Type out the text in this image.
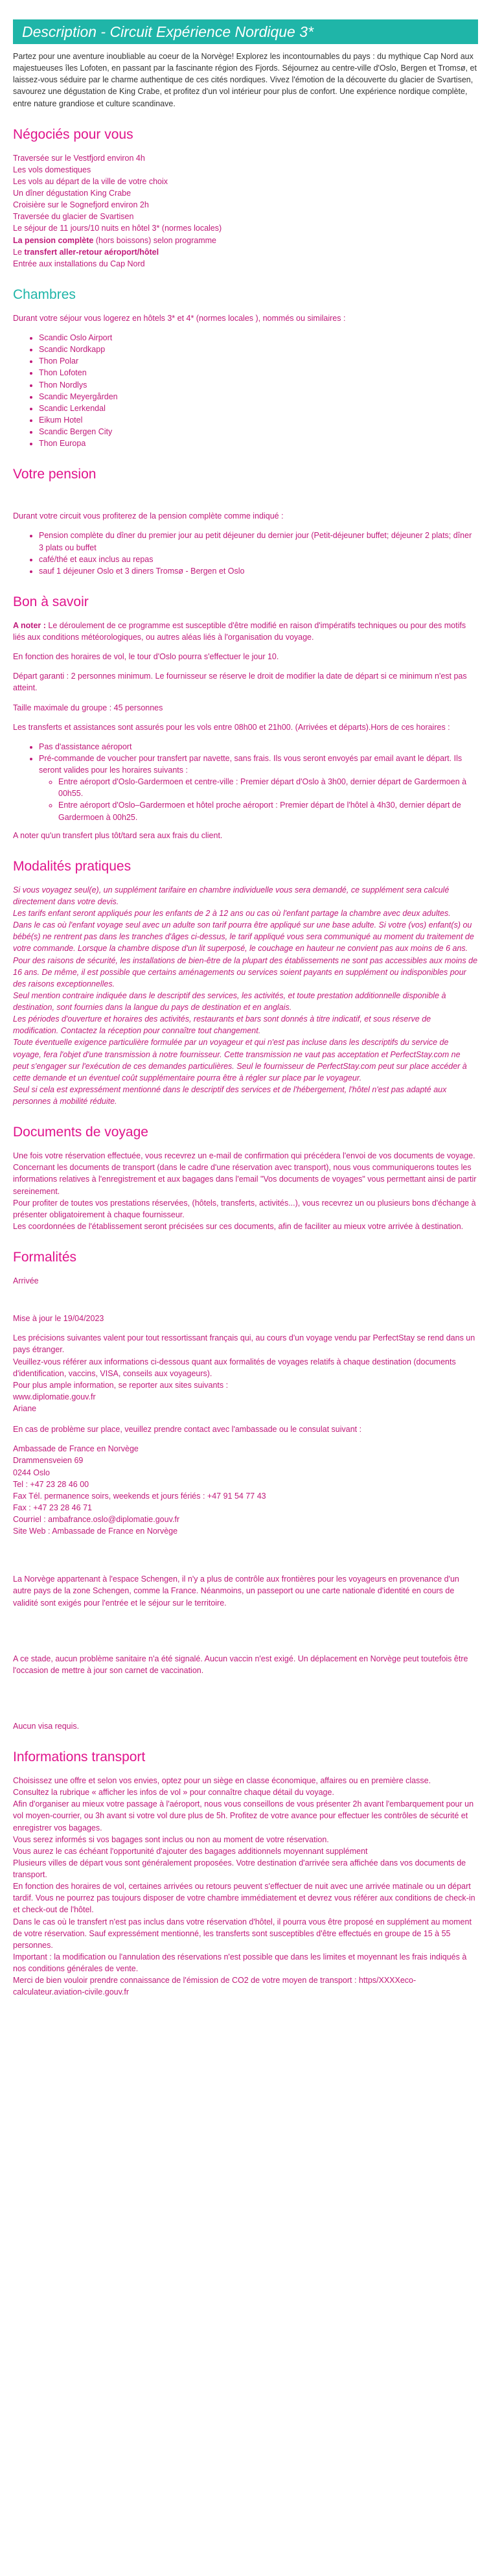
Description - Circuit Expérience Nordique 3*

Partez pour une aventure inoubliable au coeur de la Norvège! Explorez les incontournables du pays : du mythique Cap Nord aux majestueuses îles Lofoten, en passant par la fascinante région des Fjords. Séjournez au centre-ville d'Oslo, Bergen et Tromsø, et laissez-vous séduire par le charme authentique de ces cités nordiques. Vivez l'émotion de la découverte du glacier de Svartisen, savourez une dégustation de King Crabe, et profitez d'un vol intérieur pour plus de confort. Une expérience nordique complète, entre nature grandiose et culture scandinave.

Négociés pour vous
Traversée sur le Vestfjord environ 4h
Les vols domestiques
Les vols au départ de la ville de votre choix
Un dîner dégustation King Crabe
Croisière sur le Sognefjord environ 2h
Traversée du glacier de Svartisen
Le séjour de 11 jours/10 nuits en hôtel 3* (normes locales)
La pension complète (hors boissons) selon programme
Le transfert aller-retour aéroport/hôtel
Entrée aux installations du Cap Nord
Chambres

Durant votre séjour vous logerez en hôtels 3* et 4* (normes locales ), nommés ou similaires :

• Scandic Oslo Airport
• Scandic Nordkapp
• Thon Polar
• Thon Lofoten
• Thon Nordlys
• Scandic Meyergården
• Scandic Lerkendal
• Eikum Hotel
• Scandic Bergen City
• Thon Europa
Votre pension

Durant votre circuit vous profiterez de la pension complète comme indiqué :

• Pension complète du dîner du premier jour au petit déjeuner du dernier jour (Petit-déjeuner buffet; déjeuner 2 plats; dîner 3 plats ou buffet
• café/thé et eaux inclus au repas
• sauf 1 déjeuner Oslo et 3 diners Tromsø - Bergen et Oslo
Bon à savoir

A noter : Le déroulement de ce programme est susceptible d'être modifié en raison d'impératifs techniques ou pour des motifs liés aux conditions météorologiques, ou autres aléas liés à l'organisation du voyage.

En fonction des horaires de vol, le tour d'Oslo pourra s'effectuer le jour 10.

Départ garanti : 2 personnes minimum. Le fournisseur se réserve le droit de modifier la date de départ si ce minimum n'est pas atteint.

Taille maximale du groupe : 45 personnes

Les transferts et assistances sont assurés pour les vols entre 08h00 et 21h00. (Arrivées et départs).Hors de ces horaires :

• Pas d'assistance aéroport
• Pré-commande de voucher pour transfert par navette, sans frais. Ils vous seront envoyés par email avant le départ. Ils seront valides pour les horaires suivants :
◦ Entre aéroport d'Oslo-Gardermoen et centre-ville : Premier départ d'Oslo à 3h00, dernier départ de Gardermoen à 00h55.
◦ Entre aéroport d'Oslo–Gardermoen et hôtel proche aéroport : Premier départ de l'hôtel à 4h30, dernier départ de Gardermoen à 00h25.

A noter qu'un transfert plus tôt/tard sera aux frais du client.

Modalités pratiques
Si vous voyagez seul(e), un supplément tarifaire en chambre individuelle vous sera demandé, ce supplément sera calculé directement dans votre devis.
Les tarifs enfant seront appliqués pour les enfants de 2 à 12 ans ou cas où l'enfant partage la chambre avec deux adultes.
Dans le cas où l'enfant voyage seul avec un adulte son tarif pourra être appliqué sur une base adulte. Si votre (vos) enfant(s) ou bébé(s) ne rentrent pas dans les tranches d'âges ci-dessus, le tarif appliqué vous sera communiqué au moment du traitement de votre commande. Lorsque la chambre dispose d'un lit superposé, le couchage en hauteur ne convient pas aux moins de 6 ans.
Pour des raisons de sécurité, les installations de bien-être de la plupart des établissements ne sont pas accessibles aux moins de 16 ans. De même, il est possible que certains aménagements ou services soient payants en supplément ou indisponibles pour des raisons exceptionnelles.
Seul mention contraire indiquée dans le descriptif des services, les activités, et toute prestation additionnelle disponible à destination, sont fournies dans la langue du pays de destination et en anglais.
Les périodes d'ouverture et horaires des activités, restaurants et bars sont donnés à titre indicatif, et sous réserve de modification. Contactez la réception pour connaître tout changement.
Toute éventuelle exigence particulière formulée par un voyageur et qui n'est pas incluse dans les descriptifs du service de voyage, fera l'objet d'une transmission à notre fournisseur. Cette transmission ne vaut pas acceptation et PerfectStay.com ne peut s'engager sur l'exécution de ces demandes particulières. Seul le fournisseur de PerfectStay.com peut sur place accéder à cette demande et un éventuel coût supplémentaire pourra être à régler sur place par le voyageur.
Seul si cela est expressément mentionné dans le descriptif des services et de l'hébergement, l'hôtel n'est pas adapté aux personnes à mobilité réduite.
Documents de voyage
Une fois votre réservation effectuée, vous recevrez un e-mail de confirmation qui précédera l'envoi de vos documents de voyage.
Concernant les documents de transport (dans le cadre d'une réservation avec transport), nous vous communiquerons toutes les informations relatives à l'enregistrement et aux bagages dans l'email "Vos documents de voyages" vous permettant ainsi de partir sereinement.
Pour profiter de toutes vos prestations réservées, (hôtels, transferts, activités...), vous recevrez un ou plusieurs bons d'échange à présenter obligatoirement à chaque fournisseur.
Les coordonnées de l'établissement seront précisées sur ces documents, afin de faciliter au mieux votre arrivée à destination.
Formalités

Arrivée

Mise à jour le 19/04/2023

Les précisions suivantes valent pour tout ressortissant français qui, au cours d'un voyage vendu par PerfectStay se rend dans un pays étranger.
Veuillez-vous référer aux informations ci-dessous quant aux formalités de voyages relatifs à chaque destination (documents d'identification, vaccins, VISA, conseils aux voyageurs).
Pour plus ample information, se reporter aux sites suivants :
www.diplomatie.gouv.fr
Ariane

En cas de problème sur place, veuillez prendre contact avec l'ambassade ou le consulat suivant :

Ambassade de France en Norvège
Drammensveien 69
0244 Oslo
Tel : +47 23 28 46 00
Fax Tél. permanence soirs, weekends et jours fériés : +47 91 54 77 43
Fax : +47 23 28 46 71
Courriel : ambafrance.oslo@diplomatie.gouv.fr
Site Web : Ambassade de France en Norvège

La Norvège appartenant à l'espace Schengen, il n'y a plus de contrôle aux frontières pour les voyageurs en provenance d'un autre pays de la zone Schengen, comme la France. Néanmoins, un passeport ou une carte nationale d'identité en cours de validité sont exigés pour l'entrée et le séjour sur le territoire.

A ce stade, aucun problème sanitaire n'a été signalé. Aucun vaccin n'est exigé. Un déplacement en Norvège peut toutefois être l'occasion de mettre à jour son carnet de vaccination.

Aucun visa requis.

Informations transport
Choisissez une offre et selon vos envies, optez pour un siège en classe économique, affaires ou en première classe.
Consultez la rubrique « afficher les infos de vol » pour connaître chaque détail du voyage.
Afin d'organiser au mieux votre passage à l'aéroport, nous vous conseillons de vous présenter 2h avant l'embarquement pour un vol moyen-courrier, ou 3h avant si votre vol dure plus de 5h. Profitez de votre avance pour effectuer les contrôles de sécurité et enregistrer vos bagages.
Vous serez informés si vos bagages sont inclus ou non au moment de votre réservation.
Vous aurez le cas échéant l'opportunité d'ajouter des bagages additionnels moyennant supplément
Plusieurs villes de départ vous sont généralement proposées. Votre destination d'arrivée sera affichée dans vos documents de transport.
En fonction des horaires de vol, certaines arrivées ou retours peuvent s'effectuer de nuit avec une arrivée matinale ou un départ tardif. Vous ne pourrez pas toujours disposer de votre chambre immédiatement et devrez vous référer aux conditions de check-in et check-out de l'hôtel.
Dans le cas où le transfert n'est pas inclus dans votre réservation d'hôtel, il pourra vous être proposé en supplément au moment de votre réservation. Sauf expressément mentionné, les transferts sont susceptibles d'être effectués en groupe de 15 à 55 personnes.
Important : la modification ou l'annulation des réservations n'est possible que dans les limites et moyennant les frais indiqués à nos conditions générales de vente.
Merci de bien vouloir prendre connaissance de l'émission de CO2 de votre moyen de transport : https/XXXXeco-calculateur.aviation-civile.gouv.fr
